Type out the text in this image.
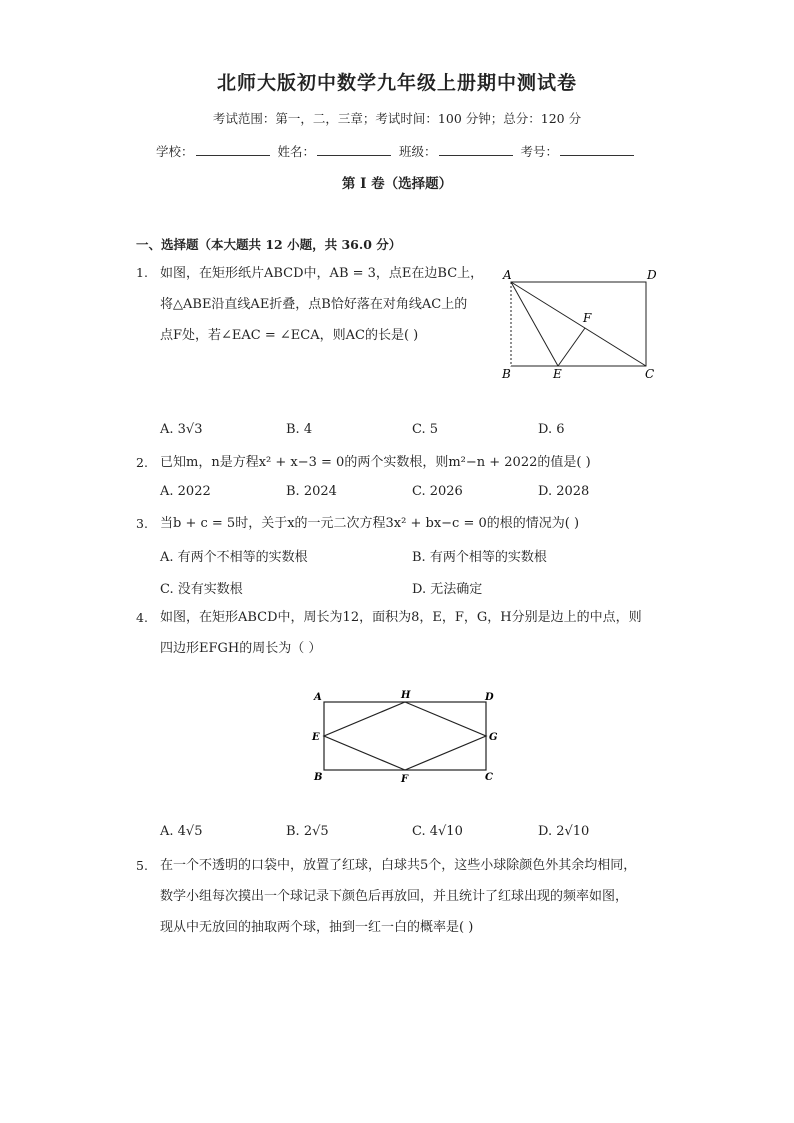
北师大版初中数学九年级上册期中测试卷
考试范围：第一，二，三章；考试时间：100 分钟；总分：120 分
学校：	姓名：	班级：	考号：
第 I 卷（选择题）
一、选择题（本大题共 12 小题，共 36.0 分）
1. 如图，在矩形纸片ABCD中，AB = 3，点E在边BC上，
将△ABE沿直线AE折叠，点B恰好落在对角线AC上的
点F处，若∠EAC = ∠ECA，则AC的长是( )
A	D
F
B	E	C
A. 3√3	B. 4	C. 5	D. 6
2. 已知m，n是方程x² + x−3 = 0的两个实数根，则m²−n + 2022的值是( )
A. 2022	B. 2024	C. 2026	D. 2028
3. 当b + c = 5时，关于x的一元二次方程3x² + bx−c = 0的根的情况为( )
A. 有两个不相等的实数根	B. 有两个相等的实数根
C. 没有实数根	D. 无法确定
4. 如图，在矩形ABCD中，周长为12，面积为8，E，F，G，H分别是边上的中点，则
四边形EFGH的周长为（ ）
A	H	D
E	G
B	F	C
A. 4√5	B. 2√5	C. 4√10	D. 2√10
5. 在一个不透明的口袋中，放置了红球，白球共5个，这些小球除颜色外其余均相同，
数学小组每次摸出一个球记录下颜色后再放回，并且统计了红球出现的频率如图，
现从中无放回的抽取两个球，抽到一红一白的概率是( )
